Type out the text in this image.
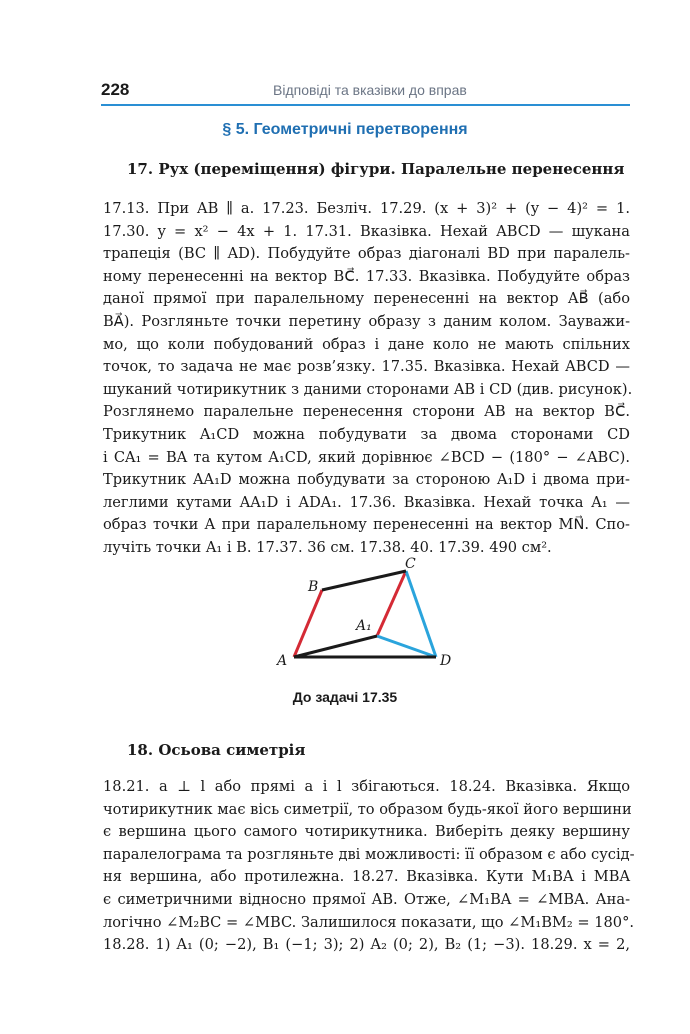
228	Відповіді та вказівки до вправ
§ 5. Геометричні перетворення
17. Рух (переміщення) фігури. Паралельне перенесення
17.13. При AB ∥ a. 17.23. Безліч. 17.29. (x + 3)² + (y − 4)² = 1.
17.30. y = x² − 4x + 1. 17.31. Вказівка. Нехай ABCD — шукана
трапеція (BC ∥ AD). Побудуйте образ діагоналі BD при паралель-
ному перенесенні на вектор BC⃗. 17.33. Вказівка. Побудуйте образ
даної прямої при паралельному перенесенні на вектор AB⃗ (або
BA⃗). Розгляньте точки перетину образу з даним колом. Зауважи-
мо, що коли побудований образ і дане коло не мають спільних
точок, то задача не має розв’язку. 17.35. Вказівка. Нехай ABCD —
шуканий чотирикутник з даними сторонами AB і CD (див. рисунок).
Розглянемо паралельне перенесення сторони AB на вектор BC⃗.
Трикутник A₁CD можна побудувати за двома сторонами CD
і CA₁ = BA та кутом A₁CD, який дорівнює ∠BCD − (180° − ∠ABC).
Трикутник AA₁D можна побудувати за стороною A₁D і двома при-
леглими кутами AA₁D і ADA₁. 17.36. Вказівка. Нехай точка A₁ —
образ точки A при паралельному перенесенні на вектор MN⃗. Спо-
лучіть точки A₁ і B. 17.37. 36 см. 17.38. 40. 17.39. 490 см².
A
B
C
D
A₁
До задачі 17.35
18. Осьова симетрія
18.21. a ⊥ l або прямі a і l збігаються. 18.24. Вказівка. Якщо
чотирикутник має вісь симетрії, то образом будь-якої його вершини
є вершина цього самого чотирикутника. Виберіть деяку вершину
паралелограма та розгляньте дві можливості: її образом є або сусід-
ня вершина, або протилежна. 18.27. Вказівка. Кути M₁BA і MBA
є симетричними відносно прямої AB. Отже, ∠M₁BA = ∠MBA. Ана-
логічно ∠M₂BC = ∠MBC. Залишилося показати, що ∠M₁BM₂ = 180°.
18.28. 1) A₁ (0; −2), B₁ (−1; 3); 2) A₂ (0; 2), B₂ (1; −3). 18.29. x = 2,
